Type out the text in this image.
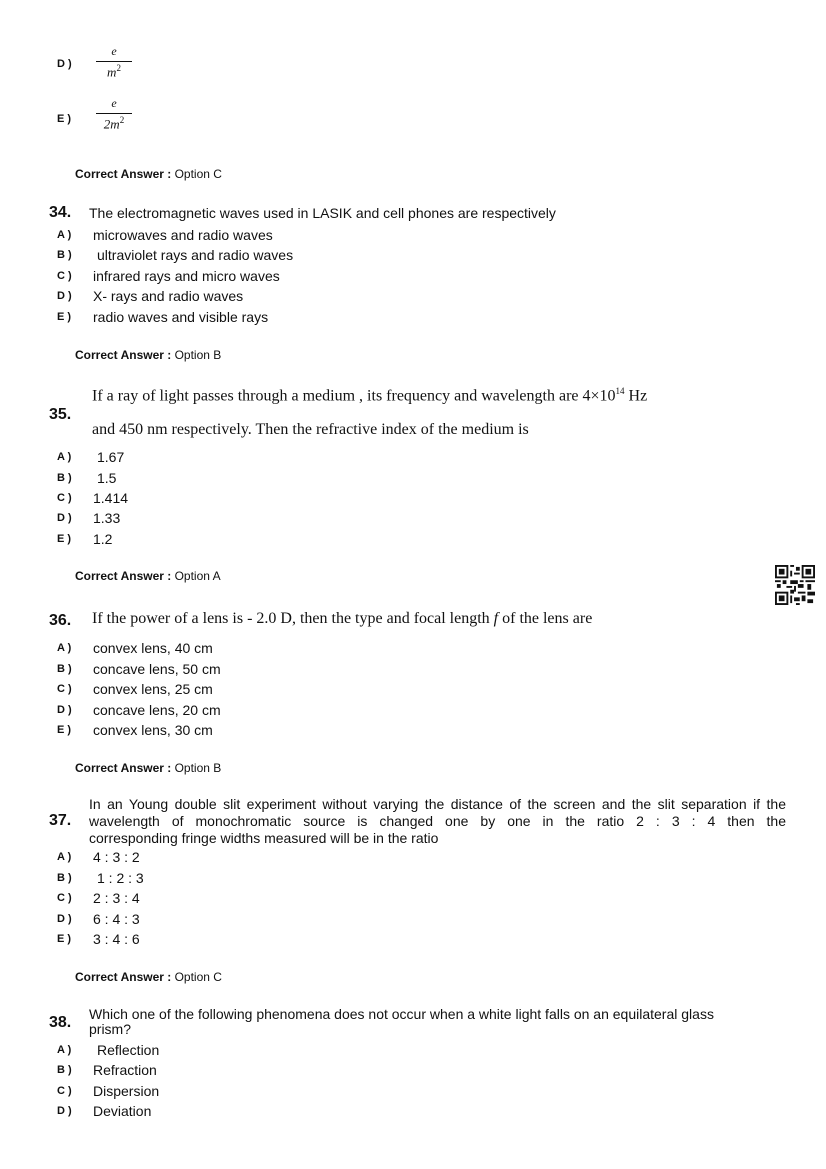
D )
e
$m^2$
E )
e
$2m^2$
Correct Answer : Option C
34. The electromagnetic waves used in LASIK and cell phones are respectively
A ) microwaves and radio waves
B ) ultraviolet rays and radio waves
C ) infrared rays and micro waves
D ) X- rays and radio waves
E ) radio waves and visible rays
Correct Answer : Option B
35.
If a ray of light passes through a medium , its frequency and wavelength are $4\times 10^{14}$ Hz
and 450 nm respectively. Then the refractive index of the medium is
A ) 1.67
B ) 1.5
C ) 1.414
D ) 1.33
E ) 1.2
Correct Answer : Option A
36. If the power of a lens is - 2.0 D, then the type and focal length f of the lens are
A ) convex lens, 40 cm
B ) concave lens, 50 cm
C ) convex lens, 25 cm
D ) concave lens, 20 cm
E ) convex lens, 30 cm
Correct Answer : Option B
37.
In an Young double slit experiment without varying the distance of the screen and the slit separation if the
wavelength of monochromatic source is changed one by one in the ratio 2 : 3 : 4 then the
corresponding fringe widths measured will be in the ratio
A ) 4 : 3 : 2
B ) 1 : 2 : 3
C ) 2 : 3 : 4
D ) 6 : 4 : 3
E ) 3 : 4 : 6
Correct Answer : Option C
38. Which one of the following phenomena does not occur when a white light falls on an equilateral glass
prism?
A ) Reflection
B ) Refraction
C ) Dispersion
D ) Deviation
